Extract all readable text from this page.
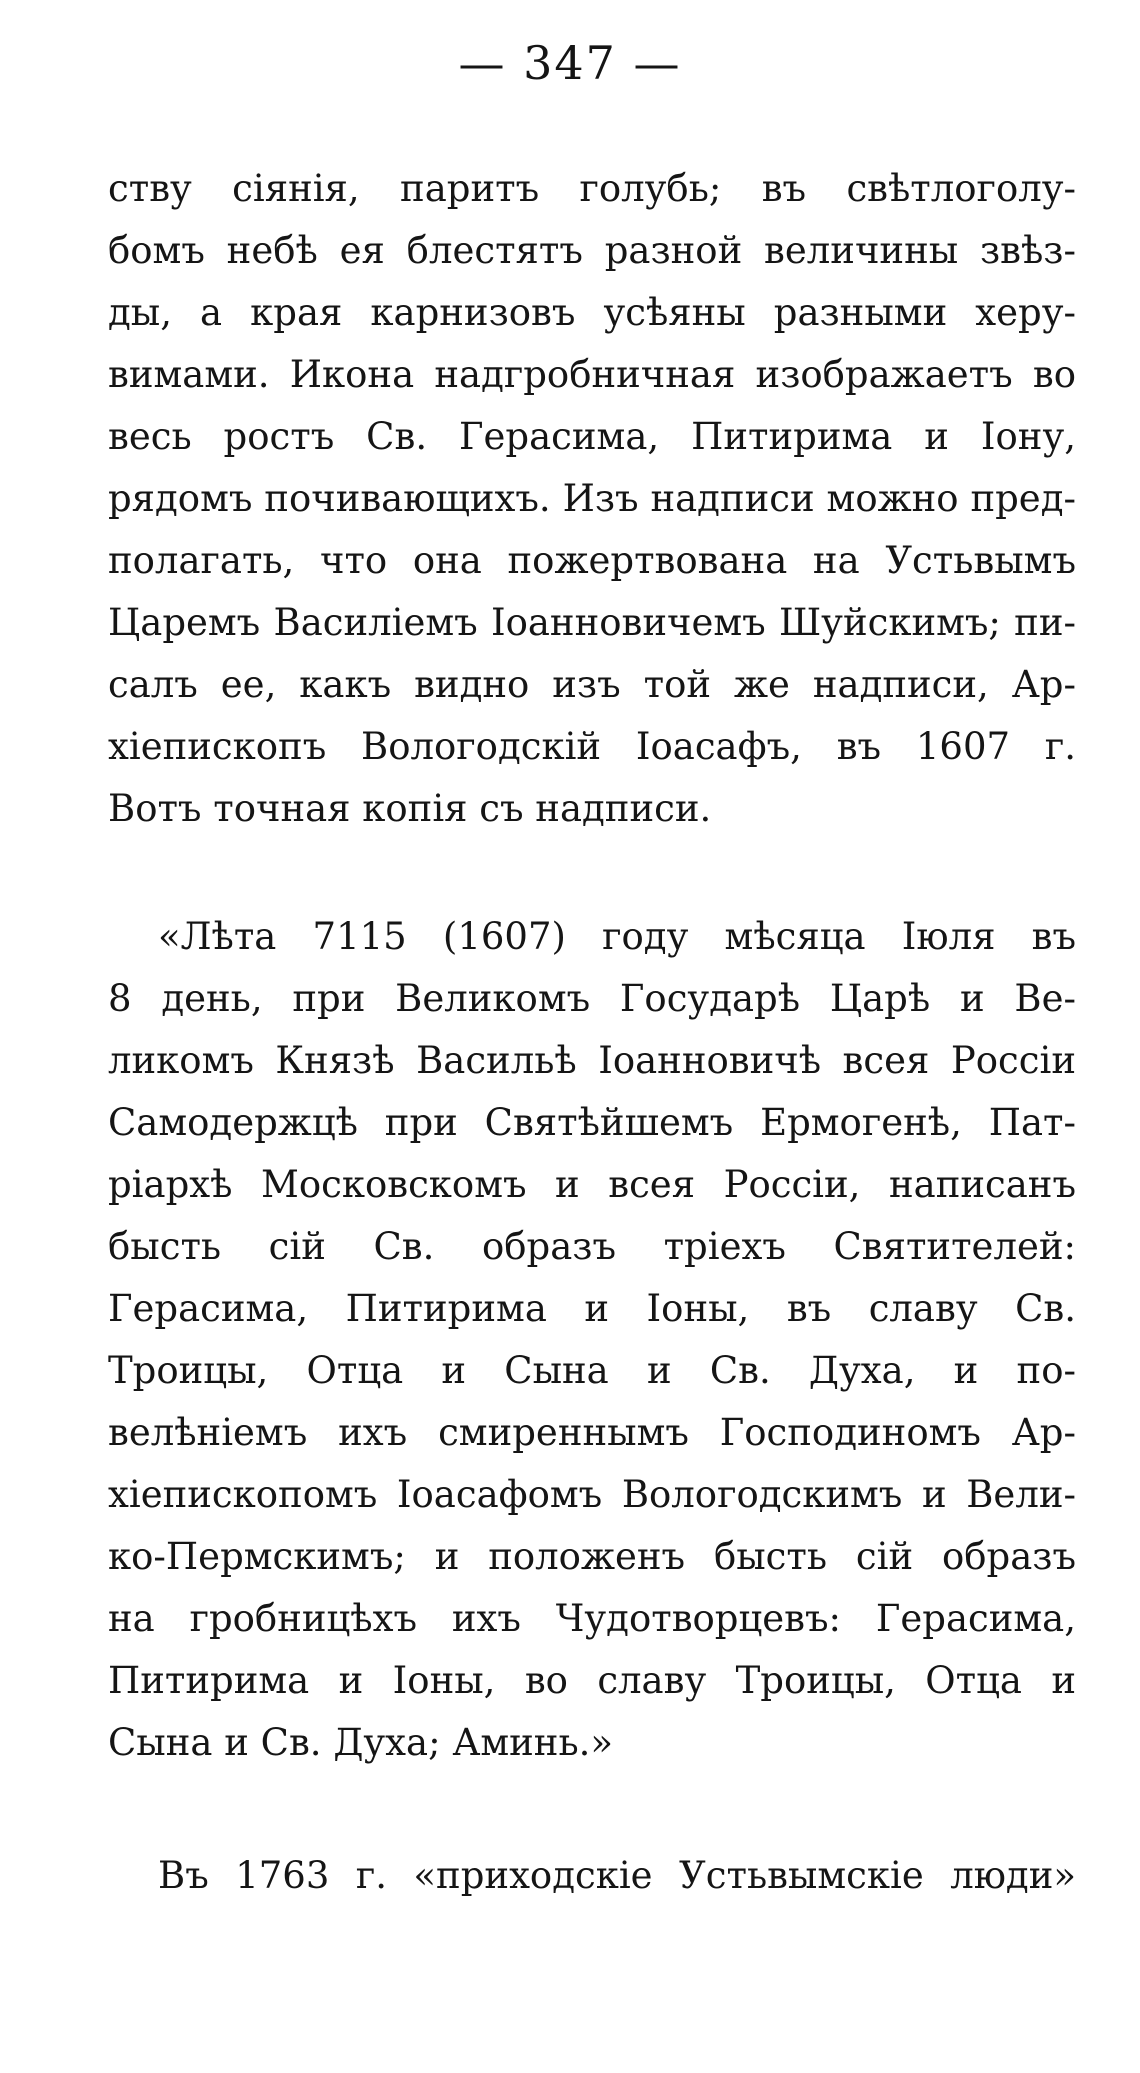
— 347 —
ству сіянія, паритъ голубь; въ свѣтлоголу-
бомъ небѣ ея блестятъ разной величины звѣз-
ды, а края карнизовъ усѣяны разными херу-
вимами. Икона надгробничная изображаетъ во
весь ростъ Св. Герасима, Питирима и Іону,
рядомъ почивающихъ. Изъ надписи можно пред-
полагать, что она пожертвована на Устьвымъ
Царемъ Василіемъ Іоанновичемъ Шуйскимъ; пи-
салъ ее, какъ видно изъ той же надписи, Ар-
хіепископъ Вологодскій Іоасафъ, въ 1607 г.
Вотъ точная копія съ надписи.
«Лѣта 7115 (1607) году мѣсяца Іюля въ
8 день, при Великомъ Государѣ Царѣ и Ве-
ликомъ Князѣ Васильѣ Іоанновичѣ всея Россіи
Самодержцѣ при Святѣйшемъ Ермогенѣ, Пат-
ріархѣ Московскомъ и всея Россіи, написанъ
бысть сій Св. образъ тріехъ Святителей:
Герасима, Питирима и Іоны, въ славу Св.
Троицы, Отца и Сына и Св. Духа, и по-
велѣніемъ ихъ смиреннымъ Господиномъ Ар-
хіепископомъ Іоасафомъ Вологодскимъ и Вели-
ко-Пермскимъ; и положенъ бысть сій образъ
на гробницѣхъ ихъ Чудотворцевъ: Герасима,
Питирима и Іоны, во славу Троицы, Отца и
Сына и Св. Духа; Аминь.»
Въ 1763 г. «приходскіе Устьвымскіе люди»
